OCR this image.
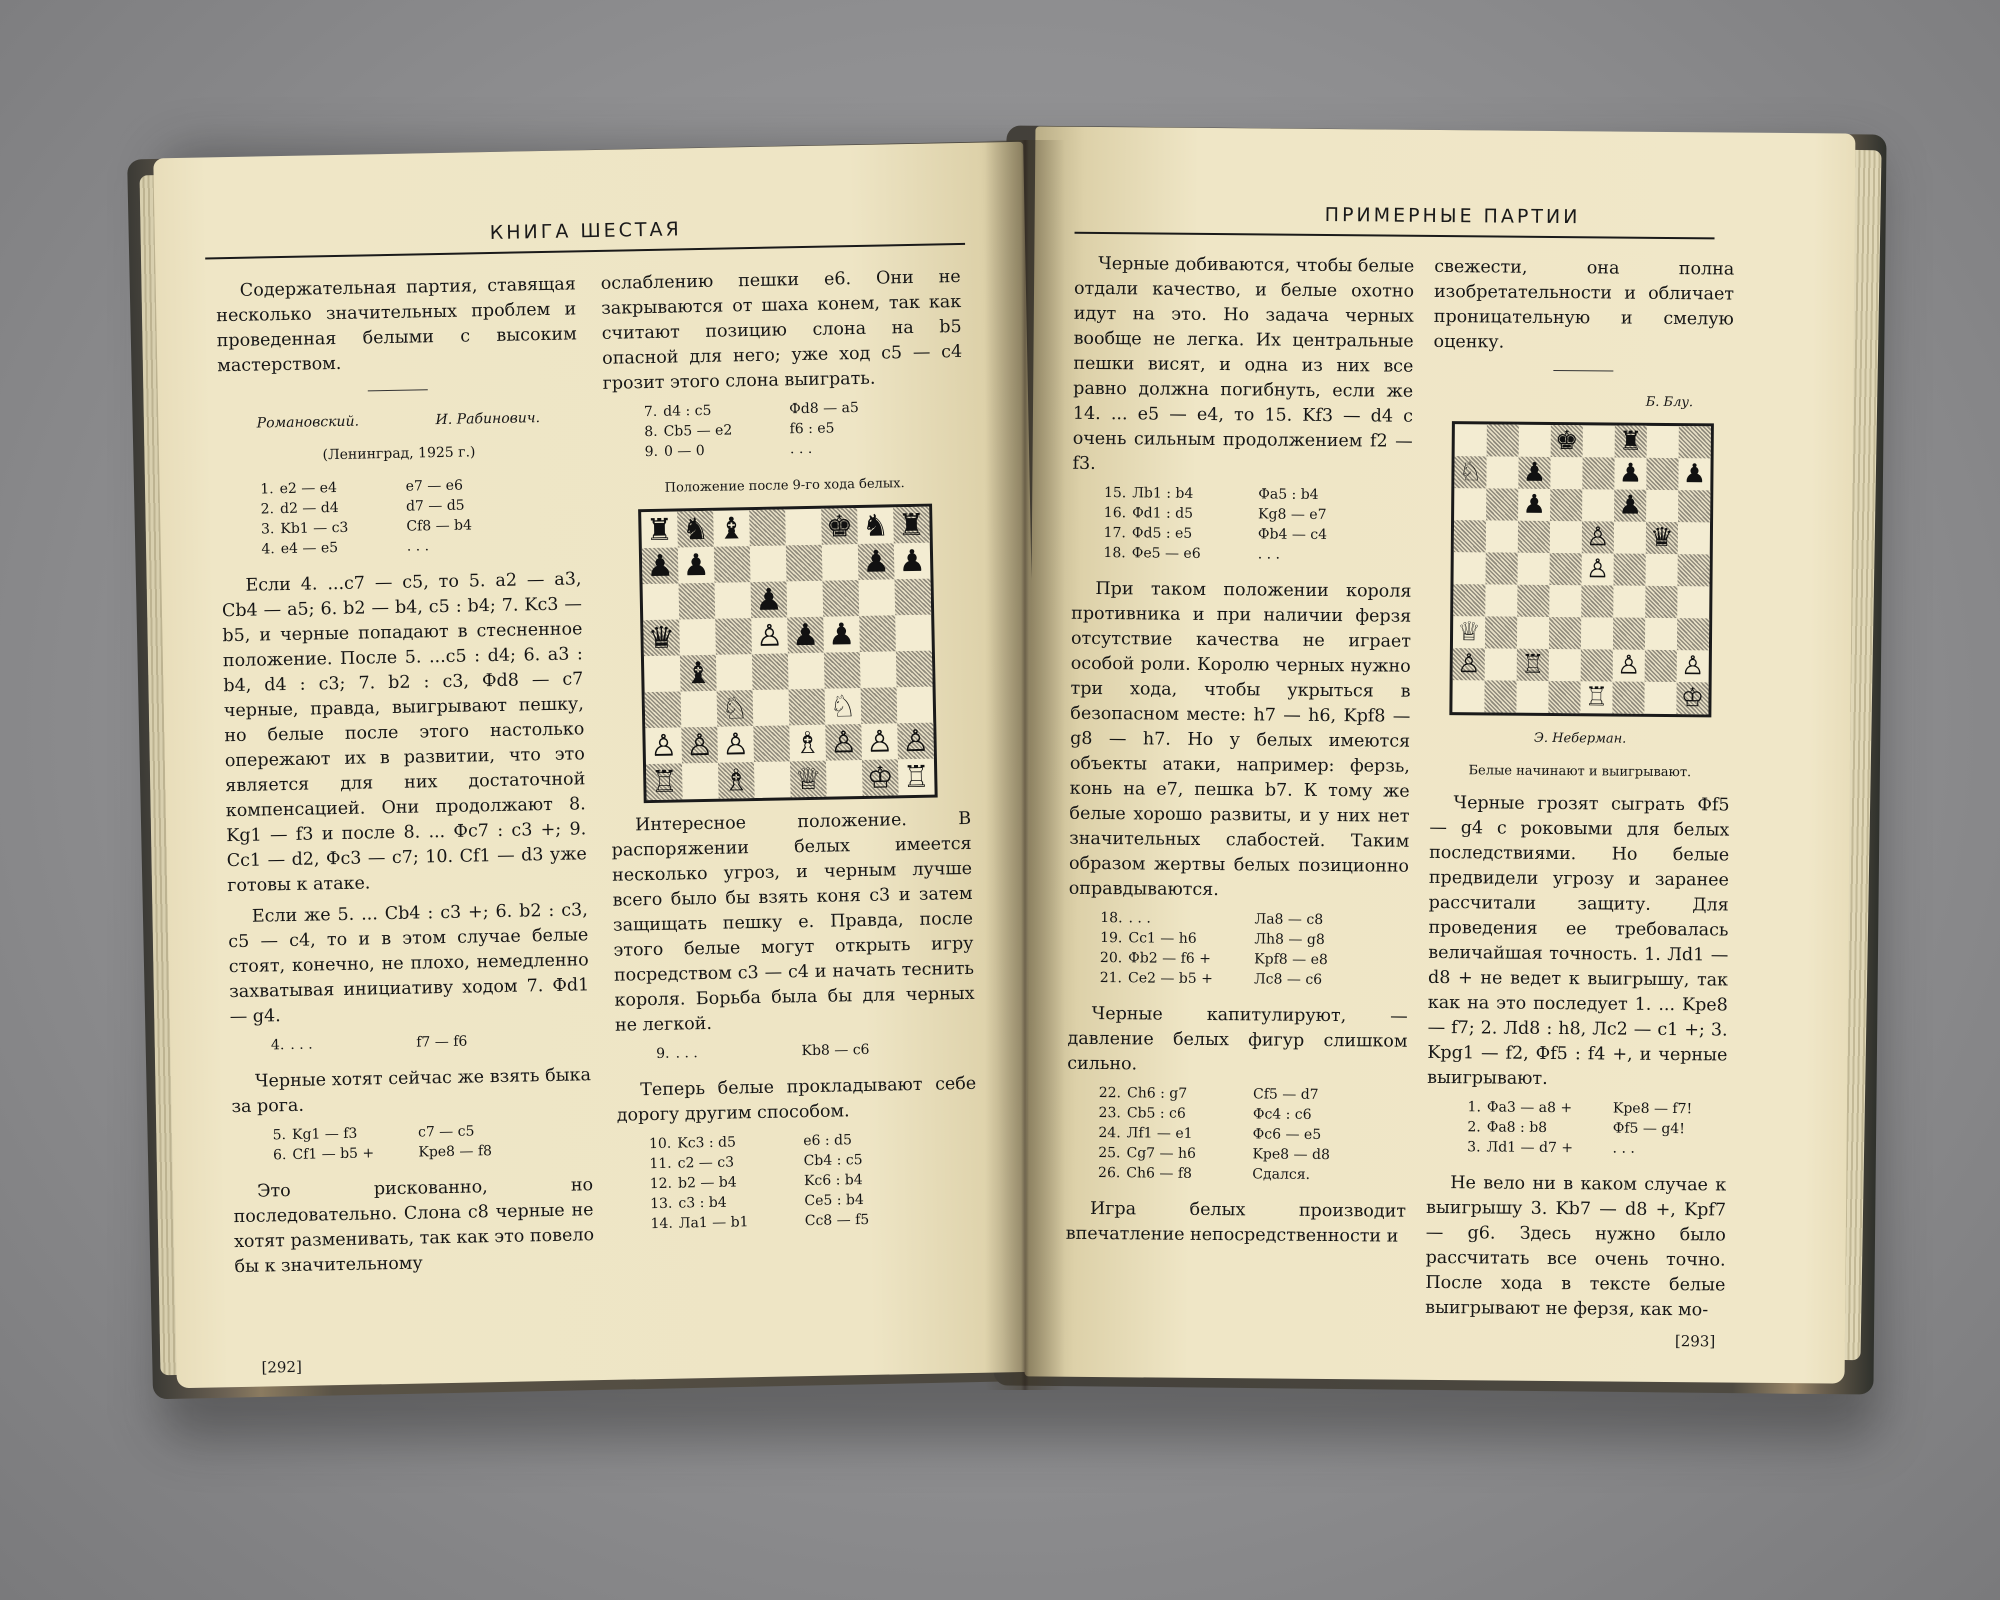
КНИГА ШЕСТАЯ

Содержательная партия, ставящая несколько значительных проблем и проведенная белыми с высоким мастерством.

Романовский.	И. Рабинович.
(Ленинград, 1925 г.)
1.	e2 — e4	e7 — e6
2.	d2 — d4	d7 — d5
3.	Kb1 — c3	Cf8 — b4
4.	e4 — e5	. . .

Если 4. ...c7 — c5, то 5. a2 — a3, Cb4 — a5; 6. b2 — b4, c5 : b4; 7. Kc3 — b5, и черные попадают в стесненное положение. После 5. ...c5 : d4; 6. a3 : b4, d4 : c3; 7. b2 : c3, Фd8 — c7 черные, правда, выигрывают пешку, но белые после этого настолько опережают их в развитии, что это является для них достаточной компенсацией. Они продолжают 8. Kg1 — f3 и после 8. ... Фc7 : c3 +; 9. Cc1 — d2, Фc3 — c7; 10. Cf1 — d3 уже готовы к атаке.

Если же 5. ... Cb4 : c3 +; 6. b2 : c3, c5 — c4, то и в этом случае белые стоят, конечно, не плохо, немедленно захватывая инициативу ходом 7. Фd1 — g4.

4.	. . .	f7 — f6

Черные хотят сейчас же взять быка за рога.

5.	Kg1 — f3	c7 — c5
6.	Cf1 — b5 +	Kpe8 — f8

Это рискованно, но последовательно. Слона c8 черные не хотят разменивать, так как это повело бы к значительному

ослаблению пешки e6. Они не закрываются от шаха конем, так как считают позицию слона на b5 опасной для него; уже ход c5 — c4 грозит этого слона выиграть.

7.	d4 : c5	Фd8 — a5
8.	Cb5 — e2	f6 : e5
9.	0 — 0	. . .
Положение после 9-го хода белых.
♜ ♞ ♝	♚ ♞ ♜
♟ ♟	♟ ♟
♟
♛	♙ ♟ ♟
♝
♘	♘
♙ ♙ ♙ ♗ ♙ ♙ ♙
♖ ♗ ♕ ♔ ♖

Интересное положение. В распоряжении белых имеется несколько угроз, и черным лучше всего было бы взять коня c3 и затем защищать пешку e. Правда, после этого белые могут открыть игру посредством c3 — c4 и начать теснить короля. Борьба была бы для черных не легкой.

9.	. . .	Kb8 — c6

Теперь белые прокладывают себе дорогу другим способом.

10.	Kc3 : d5	e6 : d5
11.	c2 — c3	Cb4 : c5
12.	b2 — b4	Kc6 : b4
13.	c3 : b4	Ce5 : b4
14.	Лa1 — b1	Cc8 — f5
[292]
ПРИМЕРНЫЕ ПАРТИИ

Черные добиваются, чтобы белые отдали качество, и белые охотно идут на это. Но задача черных вообще не легка. Их центральные пешки висят, и одна из них все равно должна погибнуть, если же 14. ... e5 — e4, то 15. Kf3 — d4 с очень сильным продолжением f2 — f3.

15.	Лb1 : b4	Фa5 : b4
16.	Фd1 : d5	Kg8 — e7
17.	Фd5 : e5	Фb4 — c4
18.	Фe5 — e6	. . .

При таком положении короля противника и при наличии ферзя отсутствие качества не играет особой роли. Королю черных нужно три хода, чтобы укрыться в безопасном месте: h7 — h6, Kpf8 — g8 — h7. Но у белых имеются объекты атаки, например: ферзь, конь на e7, пешка b7. К тому же белые хорошо развиты, и у них нет значительных слабостей. Таким образом жертвы белых позиционно оправдываются.

18.	. . .	Лa8 — c8
19.	Cc1 — h6	Лh8 — g8
20.	Фb2 — f6 +	Kpf8 — e8
21.	Ce2 — b5 +	Лc8 — c6

Черные капитулируют, — давление белых фигур слишком сильно.

22.	Ch6 : g7	Cf5 — d7
23.	Cb5 : c6	Фc4 : c6
24.	Лf1 — e1	Фc6 — e5
25.	Cg7 — h6	Kpe8 — d8
26.	Ch6 — f8	Сдался.

Игра белых производит впечатление непосредственности и

свежести, она полна изобретательности и обличает проницательную и смелую оценку.

Б. Блу.
♚ ♜
♘ ♟	♟ ♟
♟	♟
♙ ♛
♙
♕
♙ ♖	♙ ♙
♖	♔
Э. Неберман.
Белые начинают и выигрывают.

Черные грозят сыграть Фf5 — g4 с роковыми для белых последствиями. Но белые предвидели угрозу и заранее рассчитали защиту. Для проведения ее требовалась величайшая точность. 1. Лd1 — d8 + не ведет к выигрышу, так как на это последует 1. ... Kpe8 — f7; 2. Лd8 : h8, Лc2 — c1 +; 3. Kpg1 — f2, Фf5 : f4 +, и черные выигрывают.

1.	Фa3 — a8 +	Kpe8 — f7!
2.	Фa8 : b8	Фf5 — g4!
3.	Лd1 — d7 +	. . .

Не вело ни в каком случае к выигрышу 3. Kb7 — d8 +, Kpf7 — g6. Здесь нужно было рассчитать все очень точно. После хода в тексте белые выигрывают не ферзя, как мо-

[293]
